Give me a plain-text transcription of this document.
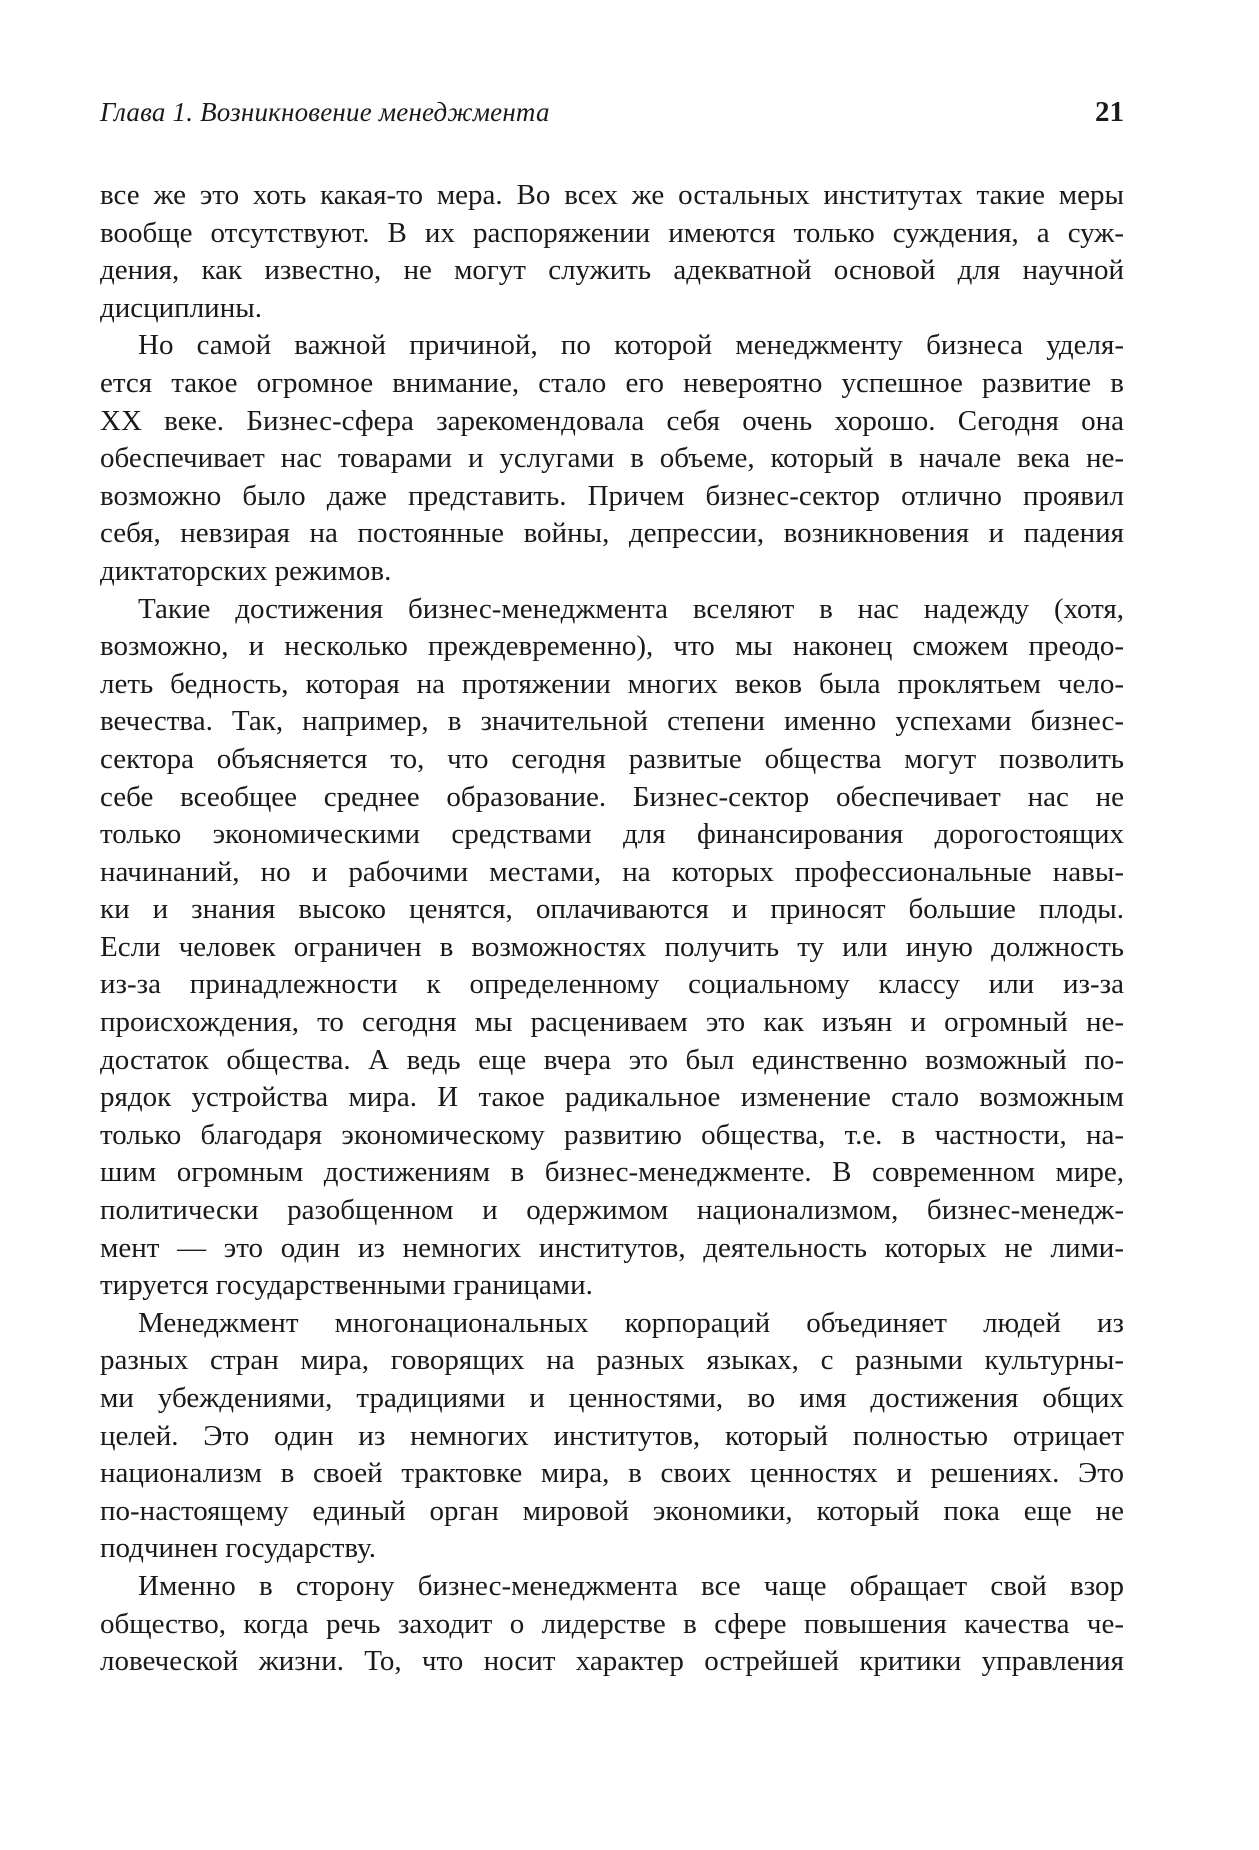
Глава 1. Возникновение менеджмента	21
все же это хоть какая-то мера. Во всех же остальных институтах такие меры
вообще отсутствуют. В их распоряжении имеются только суждения, а суж-
дения, как известно, не могут служить адекватной основой для научной
дисциплины.
Но самой важной причиной, по которой менеджменту бизнеса уделя-
ется такое огромное внимание, стало его невероятно успешное развитие в
XX веке. Бизнес-сфера зарекомендовала себя очень хорошо. Сегодня она
обеспечивает нас товарами и услугами в объеме, который в начале века не-
возможно было даже представить. Причем бизнес-сектор отлично проявил
себя, невзирая на постоянные войны, депрессии, возникновения и падения
диктаторских режимов.
Такие достижения бизнес-менеджмента вселяют в нас надежду (хотя,
возможно, и несколько преждевременно), что мы наконец сможем преодо-
леть бедность, которая на протяжении многих веков была проклятьем чело-
вечества. Так, например, в значительной степени именно успехами бизнес-
сектора объясняется то, что сегодня развитые общества могут позволить
себе всеобщее среднее образование. Бизнес-сектор обеспечивает нас не
только экономическими средствами для финансирования дорогостоящих
начинаний, но и рабочими местами, на которых профессиональные навы-
ки и знания высоко ценятся, оплачиваются и приносят большие плоды.
Если человек ограничен в возможностях получить ту или иную должность
из-за принадлежности к определенному социальному классу или из-за
происхождения, то сегодня мы расцениваем это как изъян и огромный не-
достаток общества. А ведь еще вчера это был единственно возможный по-
рядок устройства мира. И такое радикальное изменение стало возможным
только благодаря экономическому развитию общества, т.е. в частности, на-
шим огромным достижениям в бизнес-менеджменте. В современном мире,
политически разобщенном и одержимом национализмом, бизнес-менедж-
мент — это один из немногих институтов, деятельность которых не лими-
тируется государственными границами.
Менеджмент многонациональных корпораций объединяет людей из
разных стран мира, говорящих на разных языках, с разными культурны-
ми убеждениями, традициями и ценностями, во имя достижения общих
целей. Это один из немногих институтов, который полностью отрицает
национализм в своей трактовке мира, в своих ценностях и решениях. Это
по-настоящему единый орган мировой экономики, который пока еще не
подчинен государству.
Именно в сторону бизнес-менеджмента все чаще обращает свой взор
общество, когда речь заходит о лидерстве в сфере повышения качества че-
ловеческой жизни. То, что носит характер острейшей критики управления
